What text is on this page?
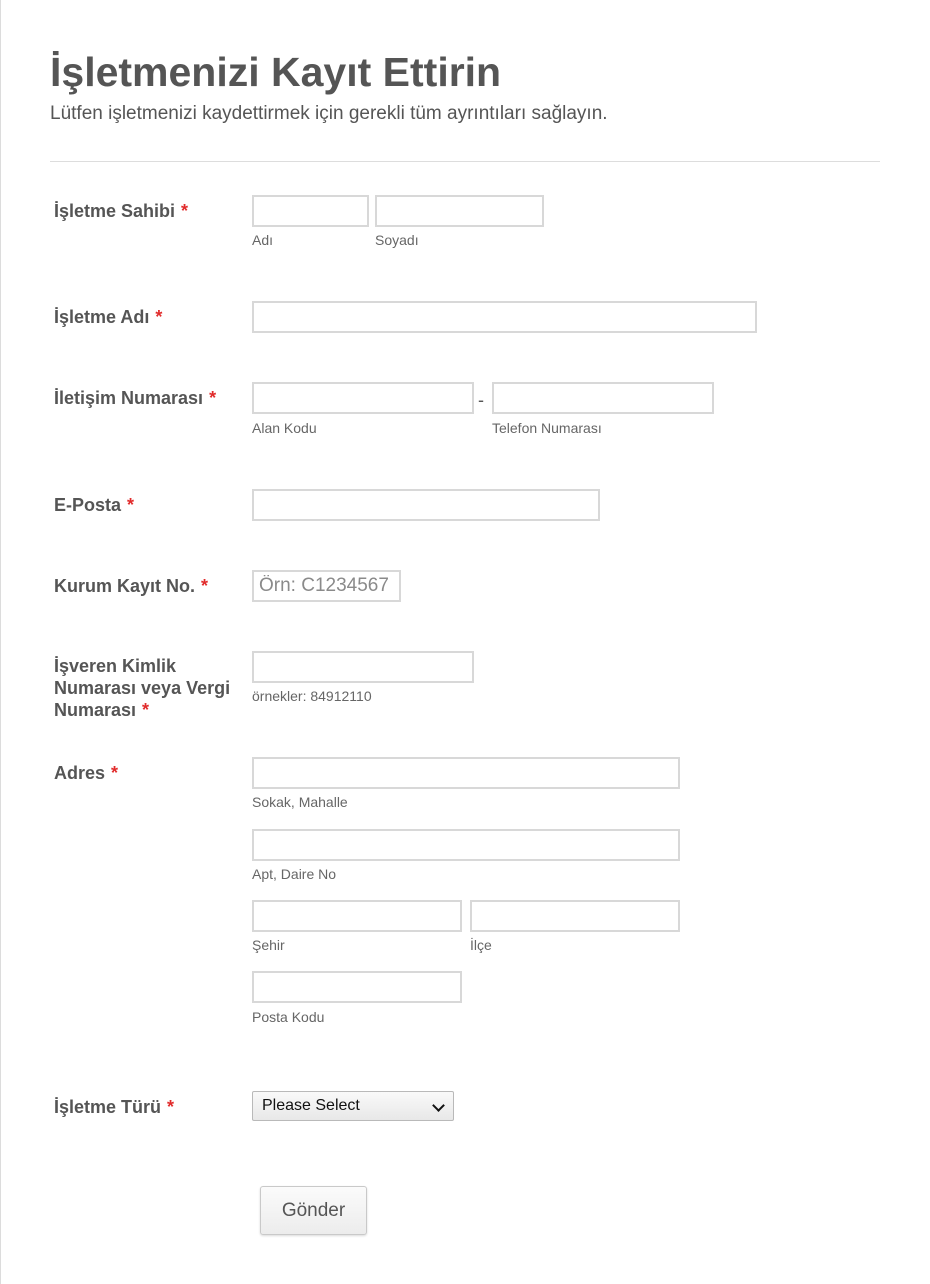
İşletmenizi Kayıt Ettirin
Lütfen işletmenizi kaydettirmek için gerekli tüm ayrıntıları sağlayın.
İşletme Sahibi *
Adı	Soyadı
İşletme Adı *
İletişim Numarası *	-
Alan Kodu	Telefon Numarası
E-Posta *
Kurum Kayıt No. *
Örn: C1234567
İşveren Kimlik
Numarası veya Vergi
Numarası *
örnekler: 84912110
Adres *
Sokak, Mahalle
Apt, Daire No
Şehir	İlçe
Posta Kodu
İşletme Türü *	Please Select
Gönder
